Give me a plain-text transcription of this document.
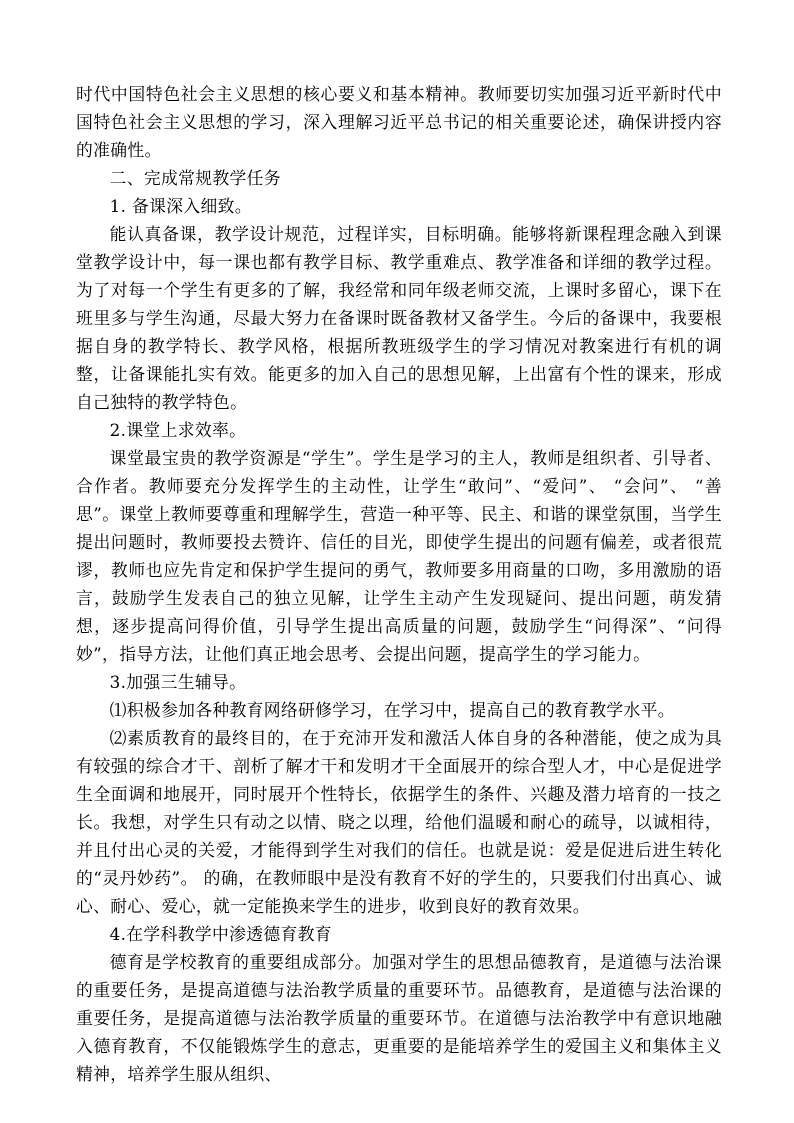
时代中国特色社会主义思想的核心要义和基本精神。教师要切实加强习近平新时代中国特色社会主义思想的学习，深入理解习近平总书记的相关重要论述，确保讲授内容的准确性。

二、完成常规教学任务

1. 备课深入细致。

能认真备课，教学设计规范，过程详实，目标明确。能够将新课程理念融入到课堂教学设计中，每一课也都有教学目标、教学重难点、教学准备和详细的教学过程。为了对每一个学生有更多的了解，我经常和同年级老师交流，上课时多留心，课下在班里多与学生沟通，尽最大努力在备课时既备教材又备学生。今后的备课中，我要根据自身的教学特长、教学风格，根据所教班级学生的学习情况对教案进行有机的调整，让备课能扎实有效。能更多的加入自己的思想见解，上出富有个性的课来，形成自己独特的教学特色。

2.课堂上求效率。

课堂最宝贵的教学资源是“学生”。学生是学习的主人，教师是组织者、引导者、合作者。教师要充分发挥学生的主动性，让学生“敢问”、“爱问”、 “会问”、 “善思”。课堂上教师要尊重和理解学生，营造一种平等、民主、和谐的课堂氛围，当学生提出问题时，教师要投去赞许、信任的目光，即使学生提出的问题有偏差，或者很荒谬，教师也应先肯定和保护学生提问的勇气，教师要多用商量的口吻，多用激励的语言，鼓励学生发表自己的独立见解，让学生主动产生发现疑问、提出问题，萌发猜想，逐步提高问得价值，引导学生提出高质量的问题，鼓励学生“问得深”、“问得妙”，指导方法，让他们真正地会思考、会提出问题，提高学生的学习能力。

3.加强三生辅导。

⑴积极参加各种教育网络研修学习，在学习中，提高自己的教育教学水平。

⑵素质教育的最终目的，在于充沛开发和激活人体自身的各种潜能，使之成为具有较强的综合才干、剖析了解才干和发明才干全面展开的综合型人才，中心是促进学生全面调和地展开，同时展开个性特长，依据学生的条件、兴趣及潜力培育的一技之长。我想，对学生只有动之以情、晓之以理，给他们温暖和耐心的疏导，以诚相待，并且付出心灵的关爱，才能得到学生对我们的信任。也就是说：爱是促进后进生转化的“灵丹妙药”。 的确，在教师眼中是没有教育不好的学生的，只要我们付出真心、诚心、耐心、爱心，就一定能换来学生的进步，收到良好的教育效果。

4.在学科教学中渗透德育教育

德育是学校教育的重要组成部分。加强对学生的思想品德教育，是道德与法治课的重要任务，是提高道德与法治教学质量的重要环节。品德教育，是道德与法治课的重要任务，是提高道德与法治教学质量的重要环节。在道德与法治教学中有意识地融入德育教育，不仅能锻炼学生的意志，更重要的是能培养学生的爱国主义和集体主义精神，培养学生服从组织、
